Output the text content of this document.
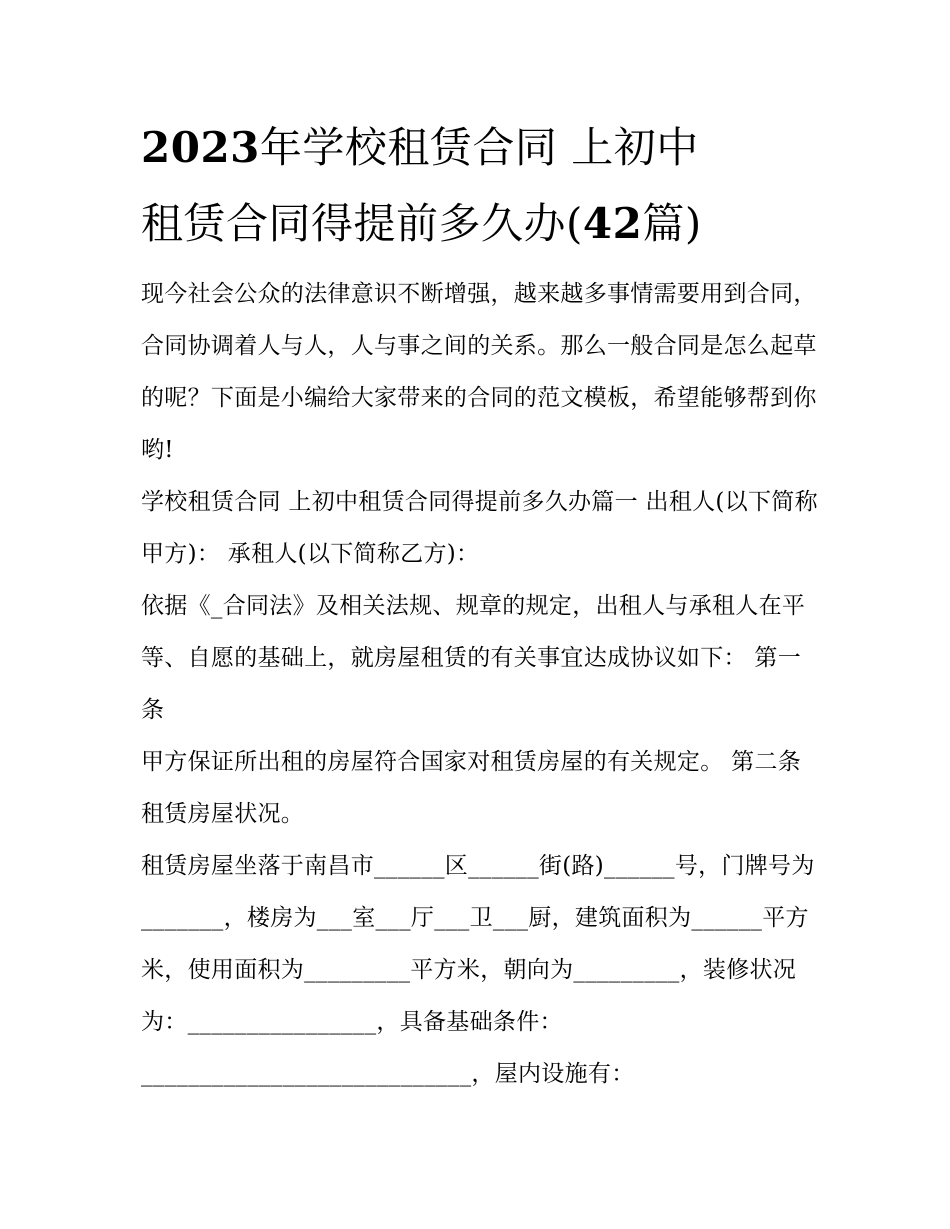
2023年学校租赁合同 上初中
租赁合同得提前多久办(42篇)

现今社会公众的法律意识不断增强，越来越多事情需要用到合同，合同协调着人与人，人与事之间的关系。那么一般合同是怎么起草的呢？下面是小编给大家带来的合同的范文模板，希望能够帮到你哟!

学校租赁合同 上初中租赁合同得提前多久办篇一 出租人(以下简称甲方)： 承租人(以下简称乙方)：

依据《_合同法》及相关法规、规章的规定，出租人与承租人在平等、自愿的基础上，就房屋租赁的有关事宜达成协议如下： 第一条

甲方保证所出租的房屋符合国家对租赁房屋的有关规定。 第二条 租赁房屋状况。

租赁房屋坐落于南昌市______区______街(路)______号，门牌号为_______，楼房为___室___厅___卫___厨，建筑面积为______平方米，使用面积为_________平方米，朝向为_________，装修状况为：________________，具备基础条件：____________________________，屋内设施有：
